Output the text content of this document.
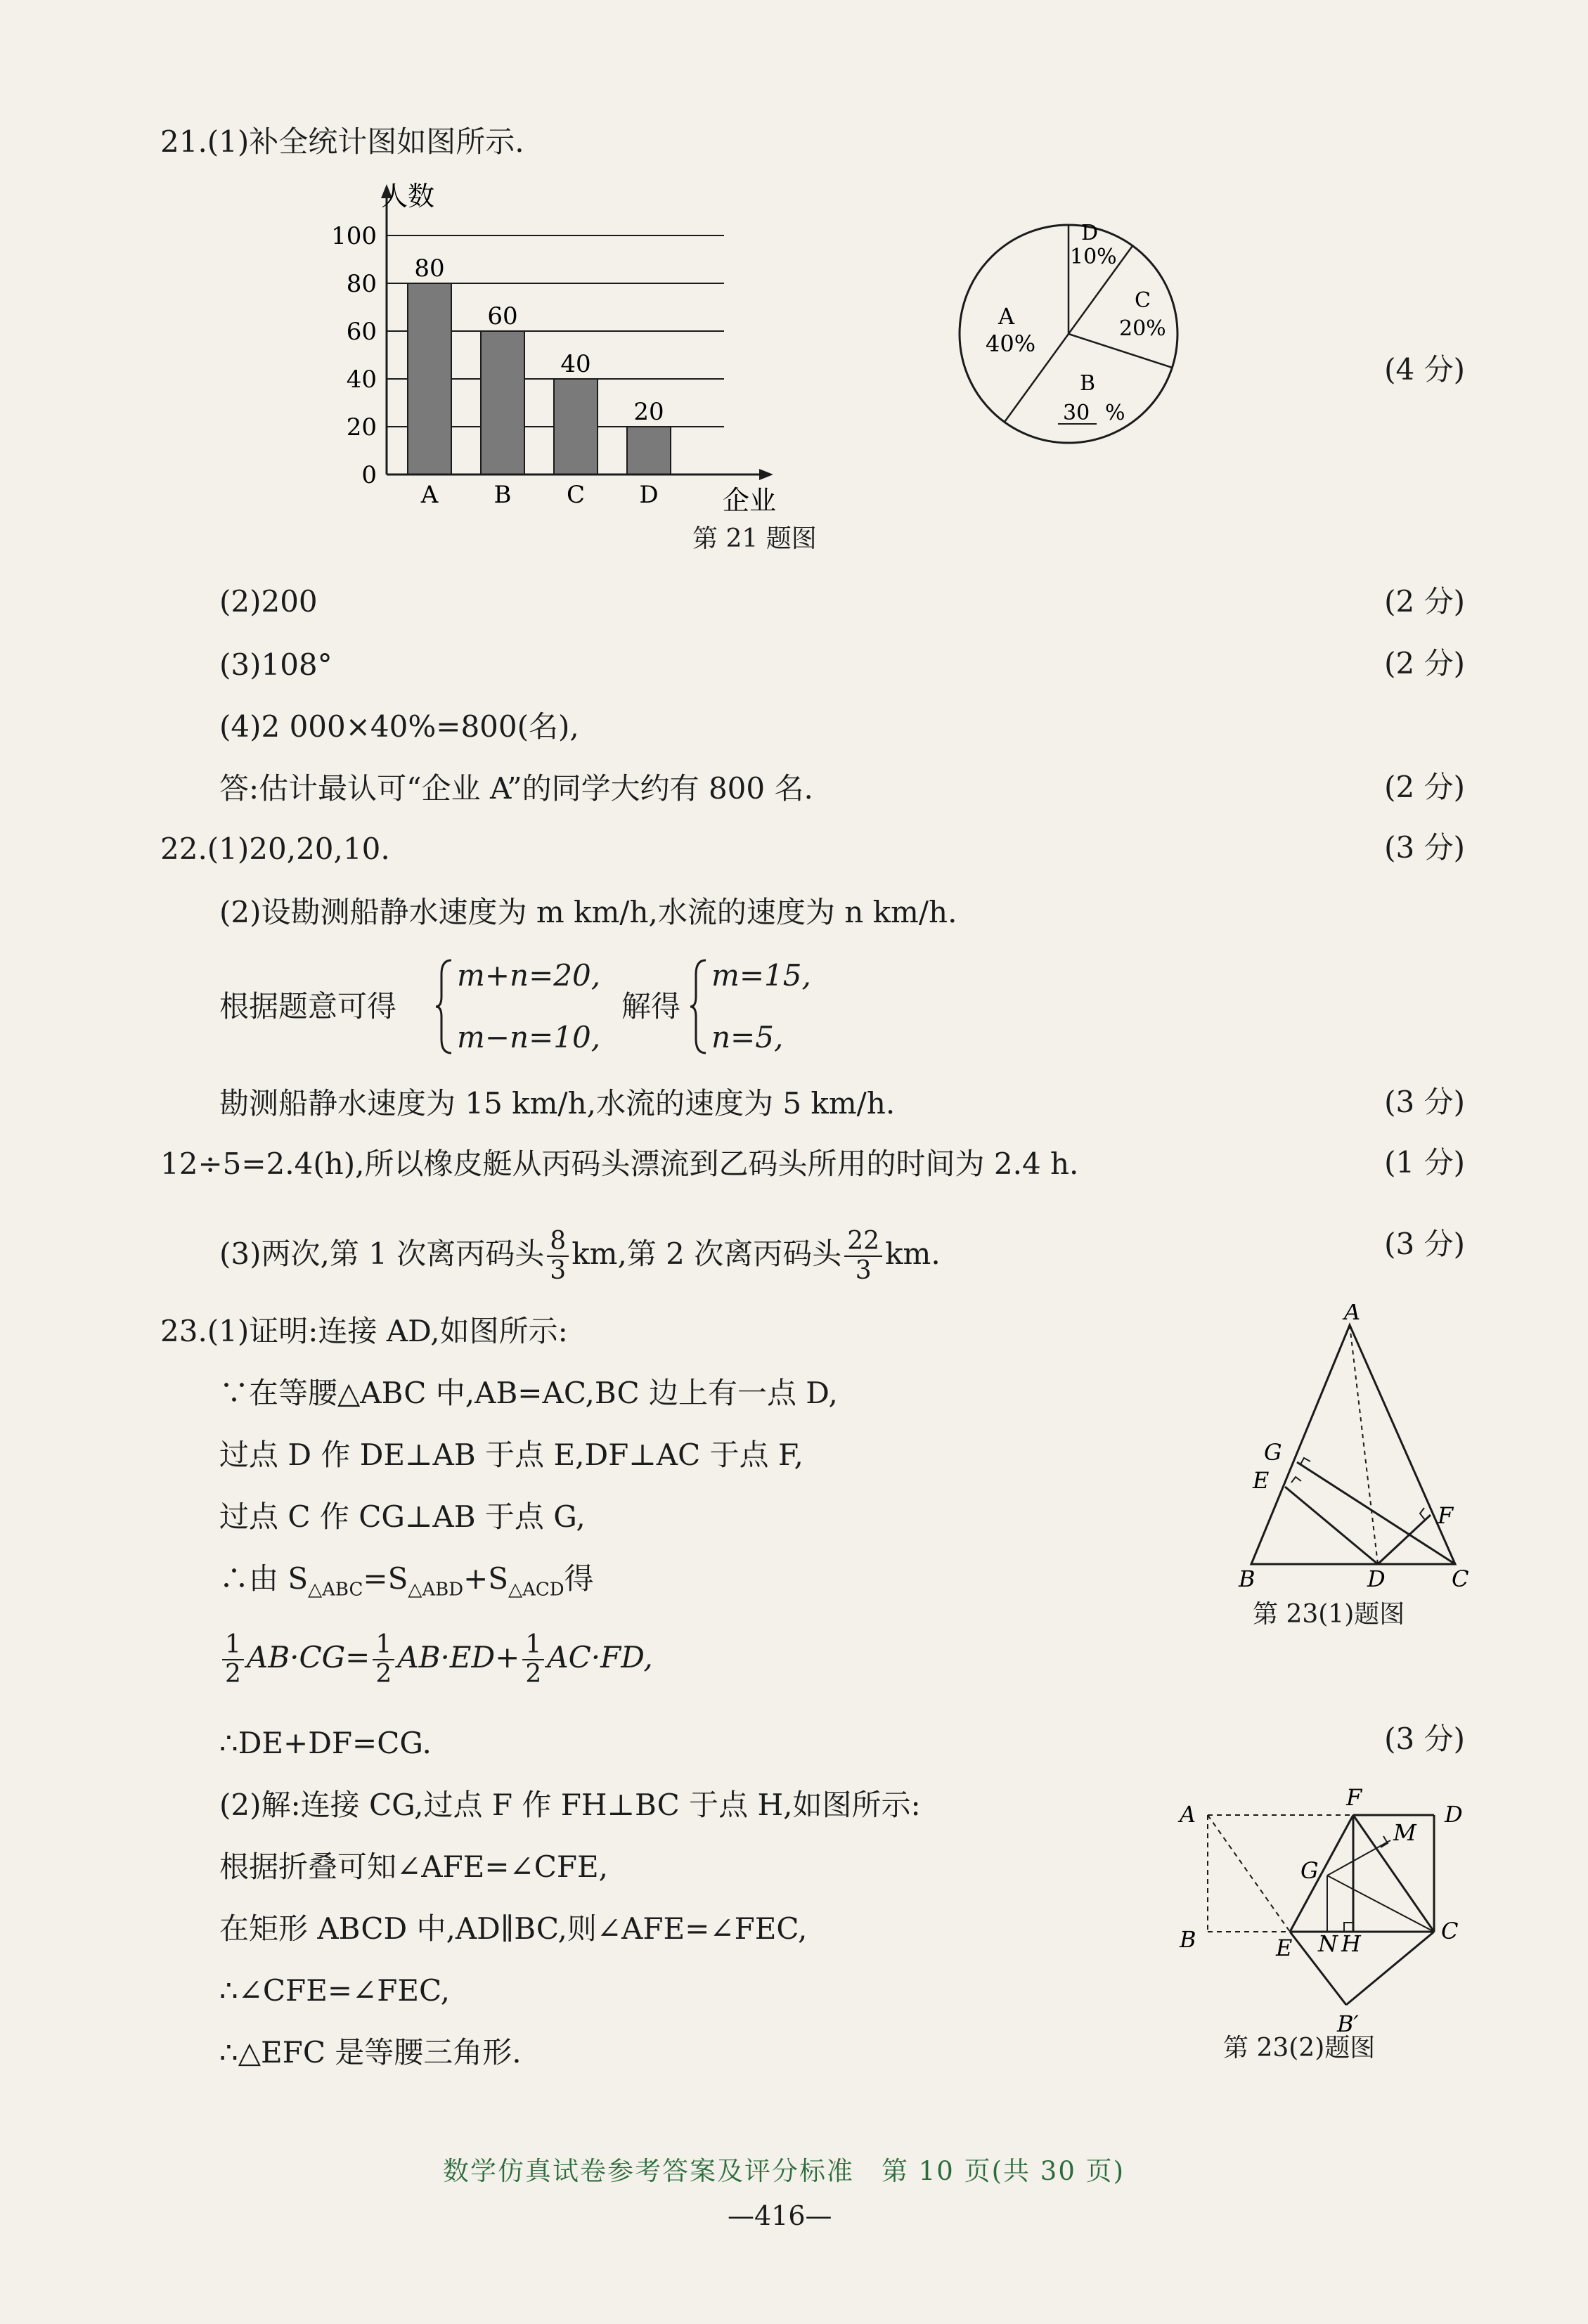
21.(1)补全统计图如图所示.
80
A
60
B
40
C
20
D
100
80
60
40
20
0
人数
企业
A
40%
D
10%
C
20%
B
30 %
(4 分)
第 21 题图
(2)200	(2 分)
(3)108°	(2 分)
(4)2 000×40%=800(名),
答:估计最认可“企业 A”的同学大约有 800 名.	(2 分)
22.(1)20,20,10.	(3 分)
(2)设勘测船静水速度为 m km/h,水流的速度为 n km/h.
根据题意可得
m+n=20,
m−n=10,
解得
m=15,
n=5,
勘测船静水速度为 15 km/h,水流的速度为 5 km/h.	(3 分)
12÷5=2.4(h),所以橡皮艇从丙码头漂流到乙码头所用的时间为 2.4 h.	(1 分)
(3)两次,第 1 次离丙码头 $\frac{8}{3}$ km,第 2 次离丙码头 $\frac{22}{3}$ km.	(3 分)
23.(1)证明:连接 AD,如图所示:
∵在等腰△ABC 中,AB=AC,BC 边上有一点 D,
过点 D 作 DE⊥AB 于点 E,DF⊥AC 于点 F,
过点 C 作 CG⊥AB 于点 G,
∴由 $S_{\triangle ABC}=S_{\triangle ABD}+S_{\triangle ACD}$得
$\frac{1}{2} AB\cdot CG= \frac{1}{2} AB\cdot ED+ \frac{1}{2} AC\cdot FD$,
∴DE+DF=CG.	(3 分)
(2)解:连接 CG,过点 F 作 FH⊥BC 于点 H,如图所示:
根据折叠可知∠AFE=∠CFE,
在矩形 ABCD 中,AD∥BC,则∠AFE=∠FEC,
∴∠CFE=∠FEC,
∴△EFC 是等腰三角形.
A
B	C
D
E
F
G
第 23(1)题图
A
F
D
M
G
B	C
E N H
B′
第 23(2)题图
数学仿真试卷参考答案及评分标准　第 10 页(共 30 页)
—416—
